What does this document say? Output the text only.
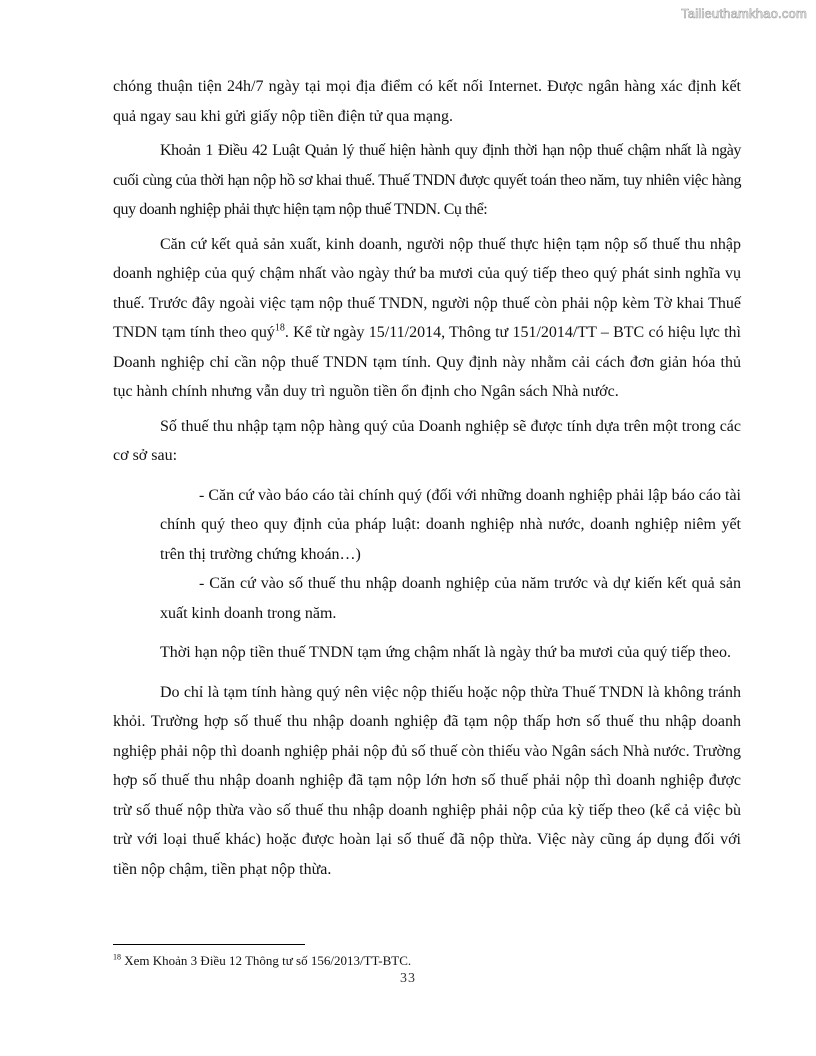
Tailieuthamkhao.com

chóng thuận tiện 24h/7 ngày tại mọi địa điểm có kết nối Internet. Được ngân hàng xác định kết quả ngay sau khi gửi giấy nộp tiền điện tử qua mạng.

Khoản 1 Điều 42 Luật Quản lý thuế hiện hành quy định thời hạn nộp thuế chậm nhất là ngày cuối cùng của thời hạn nộp hồ sơ khai thuế. Thuế TNDN được quyết toán theo năm, tuy nhiên việc hàng quy doanh nghiệp phải thực hiện tạm nộp thuế TNDN. Cụ thể:

Căn cứ kết quả sản xuất, kinh doanh, người nộp thuế thực hiện tạm nộp số thuế thu nhập doanh nghiệp của quý chậm nhất vào ngày thứ ba mươi của quý tiếp theo quý phát sinh nghĩa vụ thuế. Trước đây ngoài việc tạm nộp thuế TNDN, người nộp thuế còn phải nộp kèm Tờ khai Thuế TNDN tạm tính theo quý$^{18}$. Kể từ ngày 15/11/2014, Thông tư 151/2014/TT – BTC có hiệu lực thì Doanh nghiệp chỉ cần nộp thuế TNDN tạm tính. Quy định này nhằm cải cách đơn giản hóa thủ tục hành chính nhưng vẫn duy trì nguồn tiền ổn định cho Ngân sách Nhà nước.

Số thuế thu nhập tạm nộp hàng quý của Doanh nghiệp sẽ được tính dựa trên một trong các cơ sở sau:

- Căn cứ vào báo cáo tài chính quý (đối với những doanh nghiệp phải lập báo cáo tài chính quý theo quy định của pháp luật: doanh nghiệp nhà nước, doanh nghiệp niêm yết trên thị trường chứng khoán…)

- Căn cứ vào số thuế thu nhập doanh nghiệp của năm trước và dự kiến kết quả sản xuất kinh doanh trong năm.

Thời hạn nộp tiền thuế TNDN tạm ứng chậm nhất là ngày thứ ba mươi của quý tiếp theo.

Do chỉ là tạm tính hàng quý nên việc nộp thiếu hoặc nộp thừa Thuế TNDN là không tránh khỏi. Trường hợp số thuế thu nhập doanh nghiệp đã tạm nộp thấp hơn số thuế thu nhập doanh nghiệp phải nộp thì doanh nghiệp phải nộp đủ số thuế còn thiếu vào Ngân sách Nhà nước. Trường hợp số thuế thu nhập doanh nghiệp đã tạm nộp lớn hơn số thuế phải nộp thì doanh nghiệp được trừ số thuế nộp thừa vào số thuế thu nhập doanh nghiệp phải nộp của kỳ tiếp theo (kể cả việc bù trừ với loại thuế khác) hoặc được hoàn lại số thuế đã nộp thừa. Việc này cũng áp dụng đối với tiền nộp chậm, tiền phạt nộp thừa.

$^{18}$ Xem Khoản 3 Điều 12 Thông tư số 156/2013/TT-BTC.
33
